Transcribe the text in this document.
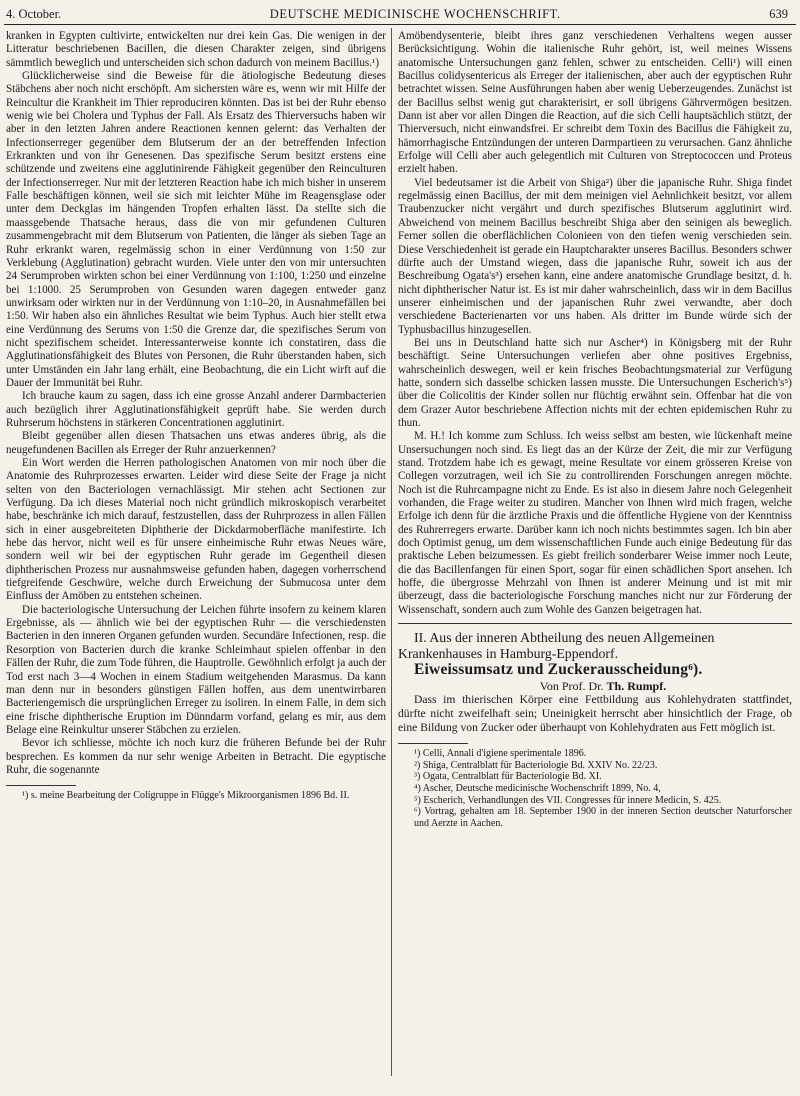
4. October.	DEUTSCHE MEDICINISCHE WOCHENSCHRIFT.	639

kranken in Egypten cultivirte, entwickelten nur drei kein Gas. Die wenigen in der Litteratur beschriebenen Bacillen, die diesen Charakter zeigen, sind übrigens sämmtlich beweglich und unterscheiden sich schon dadurch von meinem Bacillus.¹)

Glücklicherweise sind die Beweise für die ätiologische Bedeutung dieses Stäbchens aber noch nicht erschöpft. Am sichersten wäre es, wenn wir mit Hilfe der Reincultur die Krankheit im Thier reproduciren könnten. Das ist bei der Ruhr ebenso wenig wie bei Cholera und Typhus der Fall. Als Ersatz des Thierversuchs haben wir aber in den letzten Jahren andere Reactionen kennen gelernt: das Verhalten der Infectionserreger gegenüber dem Blutserum der an der betreffenden Infection Erkrankten und von ihr Genesenen. Das spezifische Serum besitzt erstens eine schützende und zweitens eine agglutinirende Fähigkeit gegenüber den Reinculturen der Infectionserreger. Nur mit der letzteren Reaction habe ich mich bisher in unserem Falle beschäftigen können, weil sie sich mit leichter Mühe im Reagensglase oder unter dem Deckglas im hängenden Tropfen erhalten lässt. Da stellte sich die maassgebende Thatsache heraus, dass die von mir gefundenen Culturen zusammengebracht mit dem Blutserum von Patienten, die länger als sieben Tage an Ruhr erkrankt waren, regelmässig schon in einer Verdünnung von 1:50 zur Verklebung (Agglutination) gebracht wurden. Viele unter den von mir untersuchten 24 Serumproben wirkten schon bei einer Verdünnung von 1:100, 1:250 und einzelne bei 1:1000. 25 Serumproben von Gesunden waren dagegen entweder ganz unwirksam oder wirkten nur in der Verdünnung von 1:10–20, in Ausnahmefällen bei 1:50. Wir haben also ein ähnliches Resultat wie beim Typhus. Auch hier stellt etwa eine Verdünnung des Serums von 1:50 die Grenze dar, die spezifisches Serum von nicht spezifischem scheidet. Interessanterweise konnte ich constatiren, dass die Agglutinationsfähigkeit des Blutes von Personen, die Ruhr überstanden haben, sich unter Umständen ein Jahr lang erhält, eine Beobachtung, die ein Licht wirft auf die Dauer der Immunität bei Ruhr.

Ich brauche kaum zu sagen, dass ich eine grosse Anzahl anderer Darmbacterien auch bezüglich ihrer Agglutinationsfähigkeit geprüft habe. Sie werden durch Ruhrserum höchstens in stärkeren Concentrationen agglutinirt.

Bleibt gegenüber allen diesen Thatsachen uns etwas anderes übrig, als die neugefundenen Bacillen als Erreger der Ruhr anzuerkennen?

Ein Wort werden die Herren pathologischen Anatomen von mir noch über die Anatomie des Ruhrprozesses erwarten. Leider wird diese Seite der Frage ja nicht selten von den Bacteriologen vernachlässigt. Mir stehen acht Sectionen zur Verfügung. Da ich dieses Material noch nicht gründlich mikroskopisch verarbeitet habe, beschränke ich mich darauf, festzustellen, dass der Ruhrprozess in allen Fällen sich in einer ausgebreiteten Diphtherie der Dickdarmoberfläche manifestirte. Ich hebe das hervor, nicht weil es für unsere einheimische Ruhr etwas Neues wäre, sondern weil wir bei der egyptischen Ruhr gerade im Gegentheil diesen diphtherischen Prozess nur ausnahmsweise gefunden haben, dagegen vorherrschend tiefgreifende Geschwüre, welche durch Erweichung der Submucosa unter dem Einfluss der Amöben zu entstehen scheinen.

Die bacteriologische Untersuchung der Leichen führte insofern zu keinem klaren Ergebnisse, als — ähnlich wie bei der egyptischen Ruhr — die verschiedensten Bacterien in den inneren Organen gefunden wurden. Secundäre Infectionen, resp. die Resorption von Bacterien durch die kranke Schleimhaut spielen offenbar in den Fällen der Ruhr, die zum Tode führen, die Hauptrolle. Gewöhnlich erfolgt ja auch der Tod erst nach 3—4 Wochen in einem Stadium weitgehenden Marasmus. Da kann man denn nur in besonders günstigen Fällen hoffen, aus dem unentwirrbaren Bacteriengemisch die ursprünglichen Erreger zu isoliren. In einem Falle, in dem sich eine frische diphtherische Eruption im Dünndarm vorfand, gelang es mir, aus dem Belage eine Reinkultur unserer Stäbchen zu erzielen.

Bevor ich schliesse, möchte ich noch kurz die früheren Befunde bei der Ruhr besprechen. Es kommen da nur sehr wenige Arbeiten in Betracht. Die egyptische Ruhr, die sogenannte

¹) s. meine Bearbeitung der Coligruppe in Flügge's Mikroorganismen 1896 Bd. II.

Amöbendysenterie, bleibt ihres ganz verschiedenen Verhaltens wegen ausser Berücksichtigung. Wohin die italienische Ruhr gehört, ist, weil meines Wissens anatomische Untersuchungen ganz fehlen, schwer zu entscheiden. Celli¹) will einen Bacillus colidysentericus als Erreger der italienischen, aber auch der egyptischen Ruhr betrachtet wissen. Seine Ausführungen haben aber wenig Ueberzeugendes. Zunächst ist der Bacillus selbst wenig gut charakterisirt, er soll übrigens Gährvermögen besitzen. Dann ist aber vor allen Dingen die Reaction, auf die sich Celli hauptsächlich stützt, der Thierversuch, nicht einwandsfrei. Er schreibt dem Toxin des Bacillus die Fähigkeit zu, hämorrhagische Entzündungen der unteren Darmpartieen zu verursachen. Ganz ähnliche Erfolge will Celli aber auch gelegentlich mit Culturen von Streptococcen und Proteus erzielt haben.

Viel bedeutsamer ist die Arbeit von Shiga²) über die japanische Ruhr. Shiga findet regelmässig einen Bacillus, der mit dem meinigen viel Aehnlichkeit besitzt, vor allem Traubenzucker nicht vergährt und durch spezifisches Blutserum agglutinirt wird. Abweichend von meinem Bacillus beschreibt Shiga aber den seinigen als beweglich. Ferner sollen die oberflächlichen Colonieen von den tiefen wenig verschieden sein. Diese Verschiedenheit ist gerade ein Hauptcharakter unseres Bacillus. Besonders schwer dürfte auch der Umstand wiegen, dass die japanische Ruhr, soweit ich aus der Beschreibung Ogata's³) ersehen kann, eine andere anatomische Grundlage besitzt, d. h. nicht diphtherischer Natur ist. Es ist mir daher wahrscheinlich, dass wir in dem Bacillus unserer einheimischen und der japanischen Ruhr zwei verwandte, aber doch verschiedene Bacterienarten vor uns haben. Als dritter im Bunde würde sich der Typhusbacillus hinzugesellen.

Bei uns in Deutschland hatte sich nur Ascher⁴) in Königsberg mit der Ruhr beschäftigt. Seine Untersuchungen verliefen aber ohne positives Ergebniss, wahrscheinlich deswegen, weil er kein frisches Beobachtungsmaterial zur Verfügung hatte, sondern sich dasselbe schicken lassen musste. Die Untersuchungen Escherich's⁵) über die Colicolitis der Kinder sollen nur flüchtig erwähnt sein. Offenbar hat die von dem Grazer Autor beschriebene Affection nichts mit der echten epidemischen Ruhr zu thun.

M. H.! Ich komme zum Schluss. Ich weiss selbst am besten, wie lückenhaft meine Unsersuchungen noch sind. Es liegt das an der Kürze der Zeit, die mir zur Verfügung stand. Trotzdem habe ich es gewagt, meine Resultate vor einem grösseren Kreise von Collegen vorzutragen, weil ich Sie zu controllirenden Forschungen anregen möchte. Noch ist die Ruhrcampagne nicht zu Ende. Es ist also in diesem Jahre noch Gelegenheit vorhanden, die Frage weiter zu studiren. Mancher von Ihnen wird mich fragen, welche Erfolge ich denn für die ärztliche Praxis und die öffentliche Hygiene von der Kenntniss des Ruhrerregers erwarte. Darüber kann ich noch nichts bestimmtes sagen. Ich bin aber doch Optimist genug, um dem wissenschaftlichen Funde auch einige Bedeutung für das praktische Leben beizumessen. Es giebt freilich sonderbarer Weise immer noch Leute, die das Bacillenfangen für einen Sport, sogar für einen schädlichen Sport ansehen. Ich hoffe, die übergrosse Mehrzahl von Ihnen ist anderer Meinung und ist mit mir überzeugt, dass die bacteriologische Forschung manches nicht nur zur Förderung der Wissenschaft, sondern auch zum Wohle des Ganzen beigetragen hat.

II. Aus der inneren Abtheilung des neuen Allgemeinen Krankenhauses in Hamburg-Eppendorf.

Eiweissumsatz und Zuckerausscheidung⁶).

Von Prof. Dr. Th. Rumpf.

Dass im thierischen Körper eine Fettbildung aus Kohlehydraten stattfindet, dürfte nicht zweifelhaft sein; Uneinigkeit herrscht aber hinsichtlich der Frage, ob eine Bildung von Zucker oder überhaupt von Kohlehydraten aus Fett möglich ist.

¹) Celli, Annali d'igiene sperimentale 1896.

²) Shiga, Centralblatt für Bacteriologie Bd. XXIV No. 22/23.

³) Ogata, Centralblatt für Bacteriologie Bd. XI.

⁴) Ascher, Deutsche medicinische Wochenschrift 1899, No. 4,

⁵) Escherich, Verhandlungen des VII. Congresses für innere Medicin, S. 425.

⁶) Vortrag, gehalten am 18. September 1900 in der inneren Section deutscher Naturforscher und Aerzte in Aachen.
